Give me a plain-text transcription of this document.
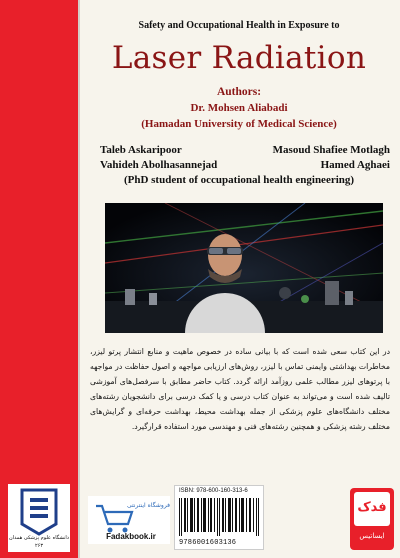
Safety and Occupational Health in Exposure to
Laser Radiation
Authors:
Dr. Mohsen Aliabadi
(Hamadan University of Medical Science)
Taleb Askaripoor	Masoud Shafiee Motlagh
Vahideh Abolhasannejad	Hamed Aghaei
(PhD student of occupational health engineering)
در این کتاب سعی شده است که با بیانی ساده در خصوص ماهیت و منابع انتشار پرتو لیزر، مخاطرات بهداشتی وایمنی تماس با لیزر، روش‌های ارزیابی مواجهه و اصول حفاظت در مواجهه با پرتوهای لیزر مطالب علمی روزآمد ارائه گردد. کتاب حاضر مطابق با سرفصل‌های آموزشی تالیف شده است و می‌تواند به عنوان کتاب درسی و یا کمک درسی برای دانشجویان رشته‌های مختلف دانشگاه‌های علوم پزشکی از جمله بهداشت محیط، بهداشت حرفه‌ای و گرایش‌های مختلف رشته پزشکی و همچنین رشته‌های فنی و مهندسی مورد استفاده قرارگیرد.
دانشگاه علوم پزشکی همدان
۲۶۳
فروشگاه اینترنتی
Fadakbook.ir
ISBN: 978-600-160-313-6
9786001603136
فدک
ایساتیس
